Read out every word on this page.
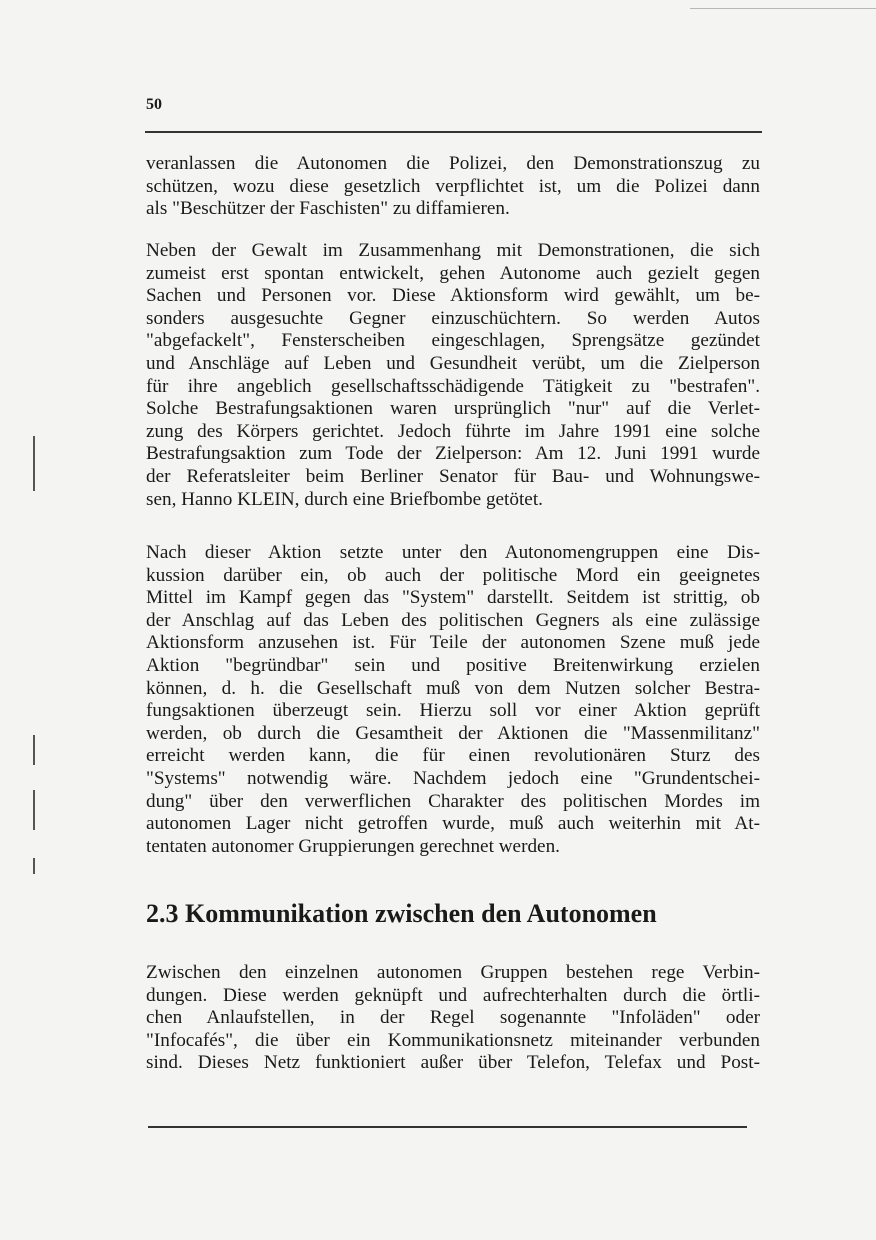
50
veranlassen die Autonomen die Polizei, den Demonstrationszug zu
schützen, wozu diese gesetzlich verpflichtet ist, um die Polizei dann
als "Beschützer der Faschisten" zu diffamieren.
Neben der Gewalt im Zusammenhang mit Demonstrationen, die sich
zumeist erst spontan entwickelt, gehen Autonome auch gezielt gegen
Sachen und Personen vor. Diese Aktionsform wird gewählt, um be-
sonders ausgesuchte Gegner einzuschüchtern. So werden Autos
"abgefackelt", Fensterscheiben eingeschlagen, Sprengsätze gezündet
und Anschläge auf Leben und Gesundheit verübt, um die Zielperson
für ihre angeblich gesellschaftsschädigende Tätigkeit zu "bestrafen".
Solche Bestrafungsaktionen waren ursprünglich "nur" auf die Verlet-
zung des Körpers gerichtet. Jedoch führte im Jahre 1991 eine solche
Bestrafungsaktion zum Tode der Zielperson: Am 12. Juni 1991 wurde
der Referatsleiter beim Berliner Senator für Bau- und Wohnungswe-
sen, Hanno KLEIN, durch eine Briefbombe getötet.
Nach dieser Aktion setzte unter den Autonomengruppen eine Dis-
kussion darüber ein, ob auch der politische Mord ein geeignetes
Mittel im Kampf gegen das "System" darstellt. Seitdem ist strittig, ob
der Anschlag auf das Leben des politischen Gegners als eine zulässige
Aktionsform anzusehen ist. Für Teile der autonomen Szene muß jede
Aktion "begründbar" sein und positive Breitenwirkung erzielen
können, d. h. die Gesellschaft muß von dem Nutzen solcher Bestra-
fungsaktionen überzeugt sein. Hierzu soll vor einer Aktion geprüft
werden, ob durch die Gesamtheit der Aktionen die "Massenmilitanz"
erreicht werden kann, die für einen revolutionären Sturz des
"Systems" notwendig wäre. Nachdem jedoch eine "Grundentschei-
dung" über den verwerflichen Charakter des politischen Mordes im
autonomen Lager nicht getroffen wurde, muß auch weiterhin mit At-
tentaten autonomer Gruppierungen gerechnet werden.
2.3 Kommunikation zwischen den Autonomen
Zwischen den einzelnen autonomen Gruppen bestehen rege Verbin-
dungen. Diese werden geknüpft und aufrechterhalten durch die örtli-
chen Anlaufstellen, in der Regel sogenannte "Infoläden" oder
"Infocafés", die über ein Kommunikationsnetz miteinander verbunden
sind. Dieses Netz funktioniert außer über Telefon, Telefax und Post-
